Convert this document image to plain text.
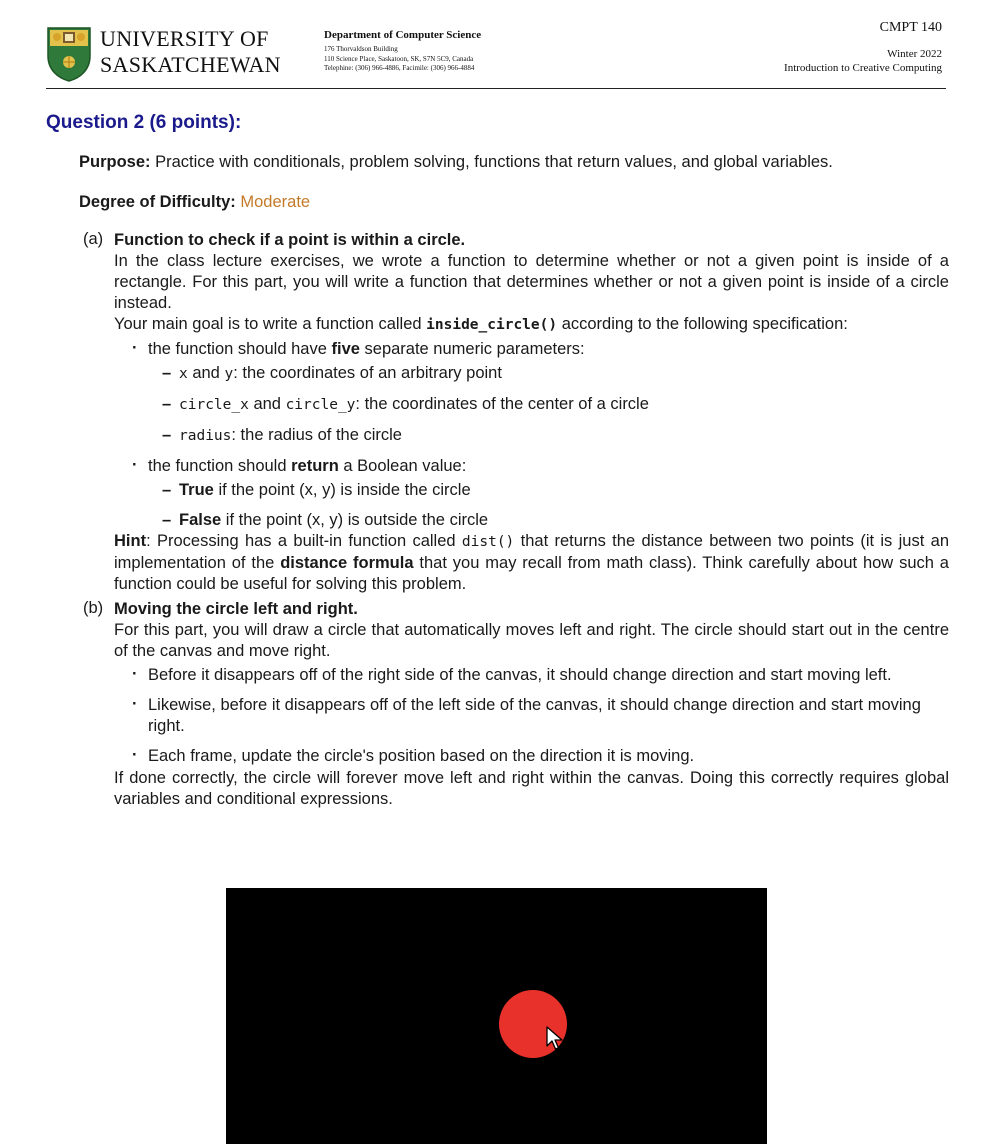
UNIVERSITY OF
SASKATCHEWAN
Department of Computer Science
176 Thorvaldson Building
110 Science Place, Saskatoon, SK, S7N 5C9, Canada
Telephine: (306) 966-4886, Facimile: (306) 966-4884
CMPT 140
Winter 2022
Introduction to Creative Computing
Question 2 (6 points):

Purpose: Practice with conditionals, problem solving, functions that return values, and global variables.

Degree of Difficulty: Moderate

(a) Function to check if a point is within a circle.

In the class lecture exercises, we wrote a function to determine whether or not a given point is inside of a rectangle. For this part, you will write a function that determines whether or not a given point is inside of a circle instead.

Your main goal is to write a function called inside_circle() according to the following specification:

· the function should have five separate numeric parameters:
– x and y: the coordinates of an arbitrary point
– circle_x and circle_y: the coordinates of the center of a circle
– radius: the radius of the circle
· the function should return a Boolean value:
– True if the point (x, y) is inside the circle
– False if the point (x, y) is outside the circle

Hint: Processing has a built-in function called dist() that returns the distance between two points (it is just an implementation of the distance formula that you may recall from math class). Think carefully about how such a function could be useful for solving this problem.

(b) Moving the circle left and right.

For this part, you will draw a circle that automatically moves left and right. The circle should start out in the centre of the canvas and move right.

· Before it disappears off of the right side of the canvas, it should change direction and start moving left.
· Likewise, before it disappears off of the left side of the canvas, it should change direction and start moving right.
· Each frame, update the circle's position based on the direction it is moving.

If done correctly, the circle will forever move left and right within the canvas. Doing this correctly requires global variables and conditional expressions.
